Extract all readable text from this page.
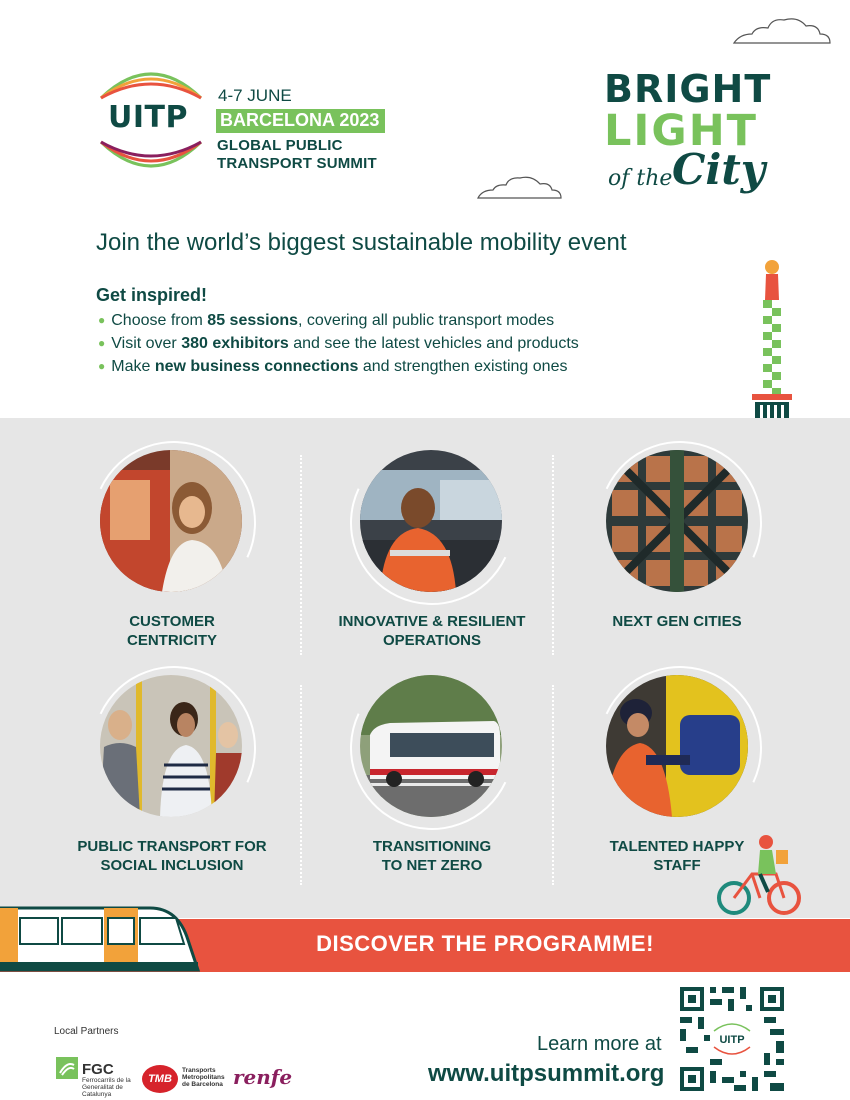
UITP
4-7 JUNE
BARCELONA 2023
GLOBAL PUBLIC
TRANSPORT SUMMIT
BRIGHT
LIGHT
of the City
Join the world’s biggest sustainable mobility event
Get inspired!
● Choose from 85 sessions, covering all public transport modes
● Visit over 380 exhibitors and see the latest vehicles and products
● Make new business connections and strengthen existing ones
CUSTOMER
CENTRICITY
INNOVATIVE & RESILIENT
OPERATIONS
NEXT GEN CITIES
PUBLIC TRANSPORT FOR
SOCIAL INCLUSION
TRANSITIONING
TO NET ZERO
TALENTED HAPPY
STAFF
DISCOVER THE PROGRAMME!
Local Partners
FGC
Ferrocarrils de la Generalitat de Catalunya
TMB
Transports Metropolitans de Barcelona renfe
Learn more at
www.uitpsummit.org
UITP
